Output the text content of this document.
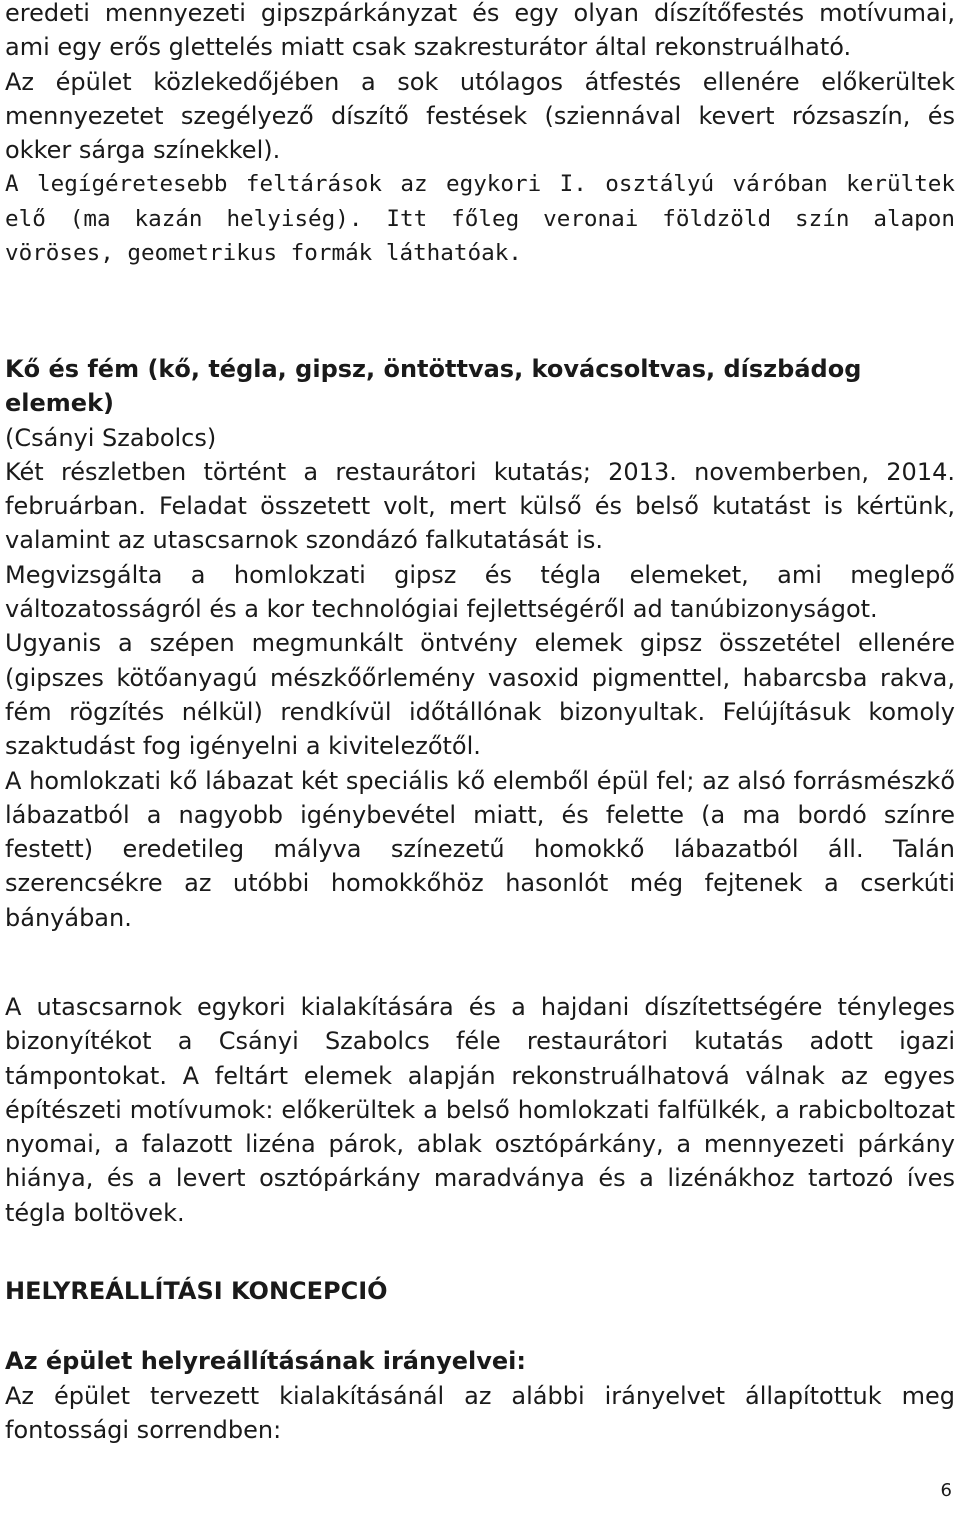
eredeti mennyezeti gipszpárkányzat és egy olyan díszítőfestés motívumai, ami egy erős glettelés miatt csak szakresturátor által rekonstruálható.

Az épület közlekedőjében a sok utólagos átfestés ellenére előkerültek mennyezetet szegélyező díszítő festések (sziennával kevert rózsaszín, és okker sárga színekkel).

A legígéretesebb feltárások az egykori I. osztályú váróban kerültek elő (ma kazán helyiség). Itt főleg veronai földzöld szín alapon vöröses, geometrikus formák láthatóak.

Kő és fém (kő, tégla, gipsz, öntöttvas, kovácsoltvas, díszbádog elemek)

(Csányi Szabolcs)

Két részletben történt a restaurátori kutatás; 2013. novemberben, 2014. februárban. Feladat összetett volt, mert külső és belső kutatást is kértünk, valamint az utascsarnok szondázó falkutatását is.

Megvizsgálta a homlokzati gipsz és tégla elemeket, ami meglepő változatosságról és a kor technológiai fejlettségéről ad tanúbizonyságot.

Ugyanis a szépen megmunkált öntvény elemek gipsz összetétel ellenére (gipszes kötőanyagú mészkőőrlemény vasoxid pigmenttel, habarcsba rakva, fém rögzítés nélkül) rendkívül időtállónak bizonyultak. Felújításuk komoly szaktudást fog igényelni a kivitelezőtől.

A homlokzati kő lábazat két speciális kő elemből épül fel; az alsó forrásmészkő lábazatból a nagyobb igénybevétel miatt, és felette (a ma bordó színre festett) eredetileg mályva színezetű homokkő lábazatból áll. Talán szerencsékre az utóbbi homokkőhöz hasonlót még fejtenek a cserkúti bányában.

A utascsarnok egykori kialakítására és a hajdani díszítettségére tényleges bizonyítékot a Csányi Szabolcs féle restaurátori kutatás adott igazi támpontokat. A feltárt elemek alapján rekonstruálhatová válnak az egyes építészeti motívumok: előkerültek a belső homlokzati falfülkék, a rabicboltozat nyomai, a falazott lizéna párok, ablak osztópárkány, a mennyezeti párkány hiánya, és a levert osztópárkány maradványa és a lizénákhoz tartozó íves tégla boltövek.

HELYREÁLLÍTÁSI KONCEPCIÓ

Az épület helyreállításának irányelvei:

Az épület tervezett kialakításánál az alábbi irányelvet állapítottuk meg fontossági sorrendben:

6
